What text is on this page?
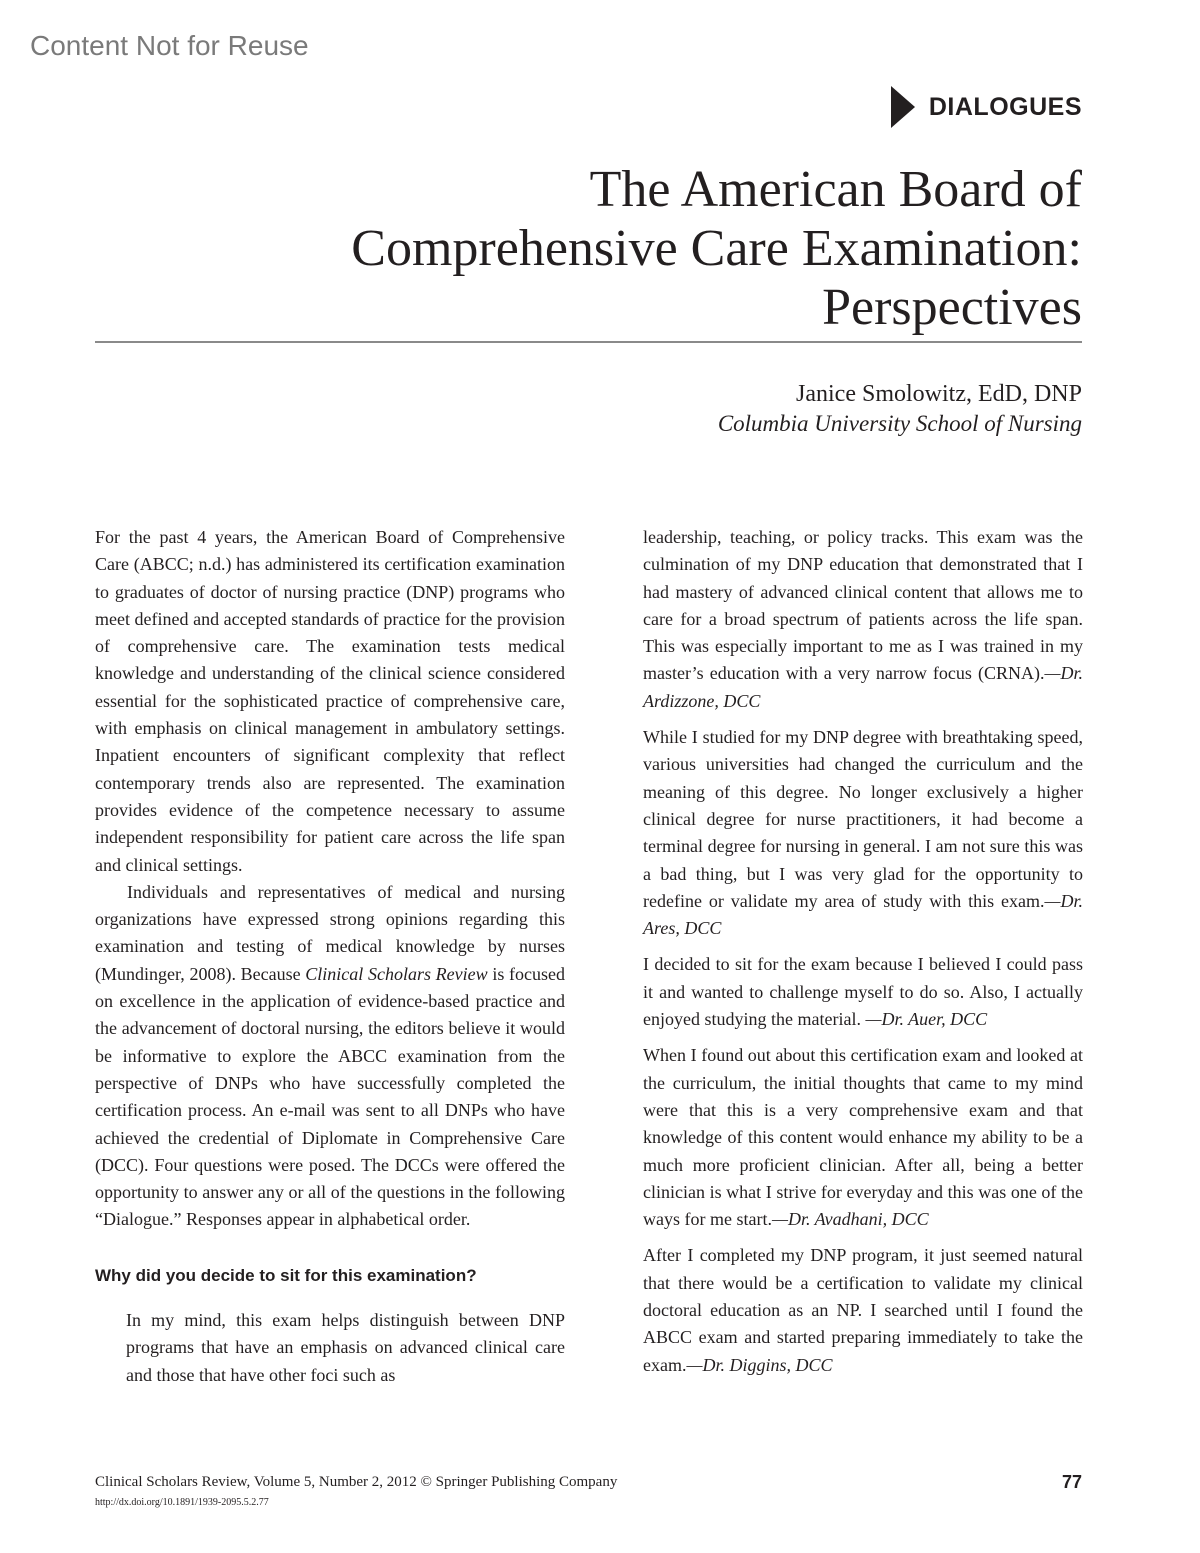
Content Not for Reuse
DIALOGUES
The American Board of
Comprehensive Care Examination:
Perspectives
Janice Smolowitz, EdD, DNP
Columbia University School of Nursing

For the past 4 years, the American Board of Comprehensive Care (ABCC; n.d.) has administered its certification examination to graduates of doctor of nursing practice (DNP) programs who meet defined and accepted standards of practice for the provision of comprehensive care. The examination tests medical knowledge and understanding of the clinical science considered essential for the sophisticated practice of comprehensive care, with emphasis on clinical management in ambulatory settings. Inpatient encounters of significant complexity that reflect contemporary trends also are represented. The examination provides evidence of the competence necessary to assume independent responsibility for patient care across the life span and clinical settings.

Individuals and representatives of medical and nursing organizations have expressed strong opinions regarding this examination and testing of medical knowledge by nurses (Mundinger, 2008). Because Clinical Scholars Review is focused on excellence in the application of evidence-based practice and the advancement of doctoral nursing, the editors believe it would be informative to explore the ABCC examination from the perspective of DNPs who have successfully completed the certification process. An e-mail was sent to all DNPs who have achieved the credential of Diplomate in Comprehensive Care (DCC). Four questions were posed. The DCCs were offered the opportunity to answer any or all of the questions in the following “Dialogue.” Responses appear in alphabetical order.

Why did you decide to sit for this examination?

In my mind, this exam helps distinguish between DNP programs that have an emphasis on advanced clinical care and those that have other foci such as

leadership, teaching, or policy tracks. This exam was the culmination of my DNP education that demonstrated that I had mastery of advanced clinical content that allows me to care for a broad spectrum of patients across the life span. This was especially important to me as I was trained in my master’s education with a very narrow focus (CRNA).—Dr. Ardizzone, DCC

While I studied for my DNP degree with breathtaking speed, various universities had changed the curriculum and the meaning of this degree. No longer exclusively a higher clinical degree for nurse practitioners, it had become a terminal degree for nursing in general. I am not sure this was a bad thing, but I was very glad for the opportunity to redefine or validate my area of study with this exam.—Dr. Ares, DCC

I decided to sit for the exam because I believed I could pass it and wanted to challenge myself to do so. Also, I actually enjoyed studying the material. —Dr. Auer, DCC

When I found out about this certification exam and looked at the curriculum, the initial thoughts that came to my mind were that this is a very comprehensive exam and that knowledge of this content would enhance my ability to be a much more proficient clinician. After all, being a better clinician is what I strive for everyday and this was one of the ways for me start.—Dr. Avadhani, DCC

After I completed my DNP program, it just seemed natural that there would be a certification to validate my clinical doctoral education as an NP. I searched until I found the ABCC exam and started preparing immediately to take the exam.—Dr. Diggins, DCC

Clinical Scholars Review, Volume 5, Number 2, 2012 © Springer Publishing Company
http://dx.doi.org/10.1891/1939-2095.5.2.77
77
